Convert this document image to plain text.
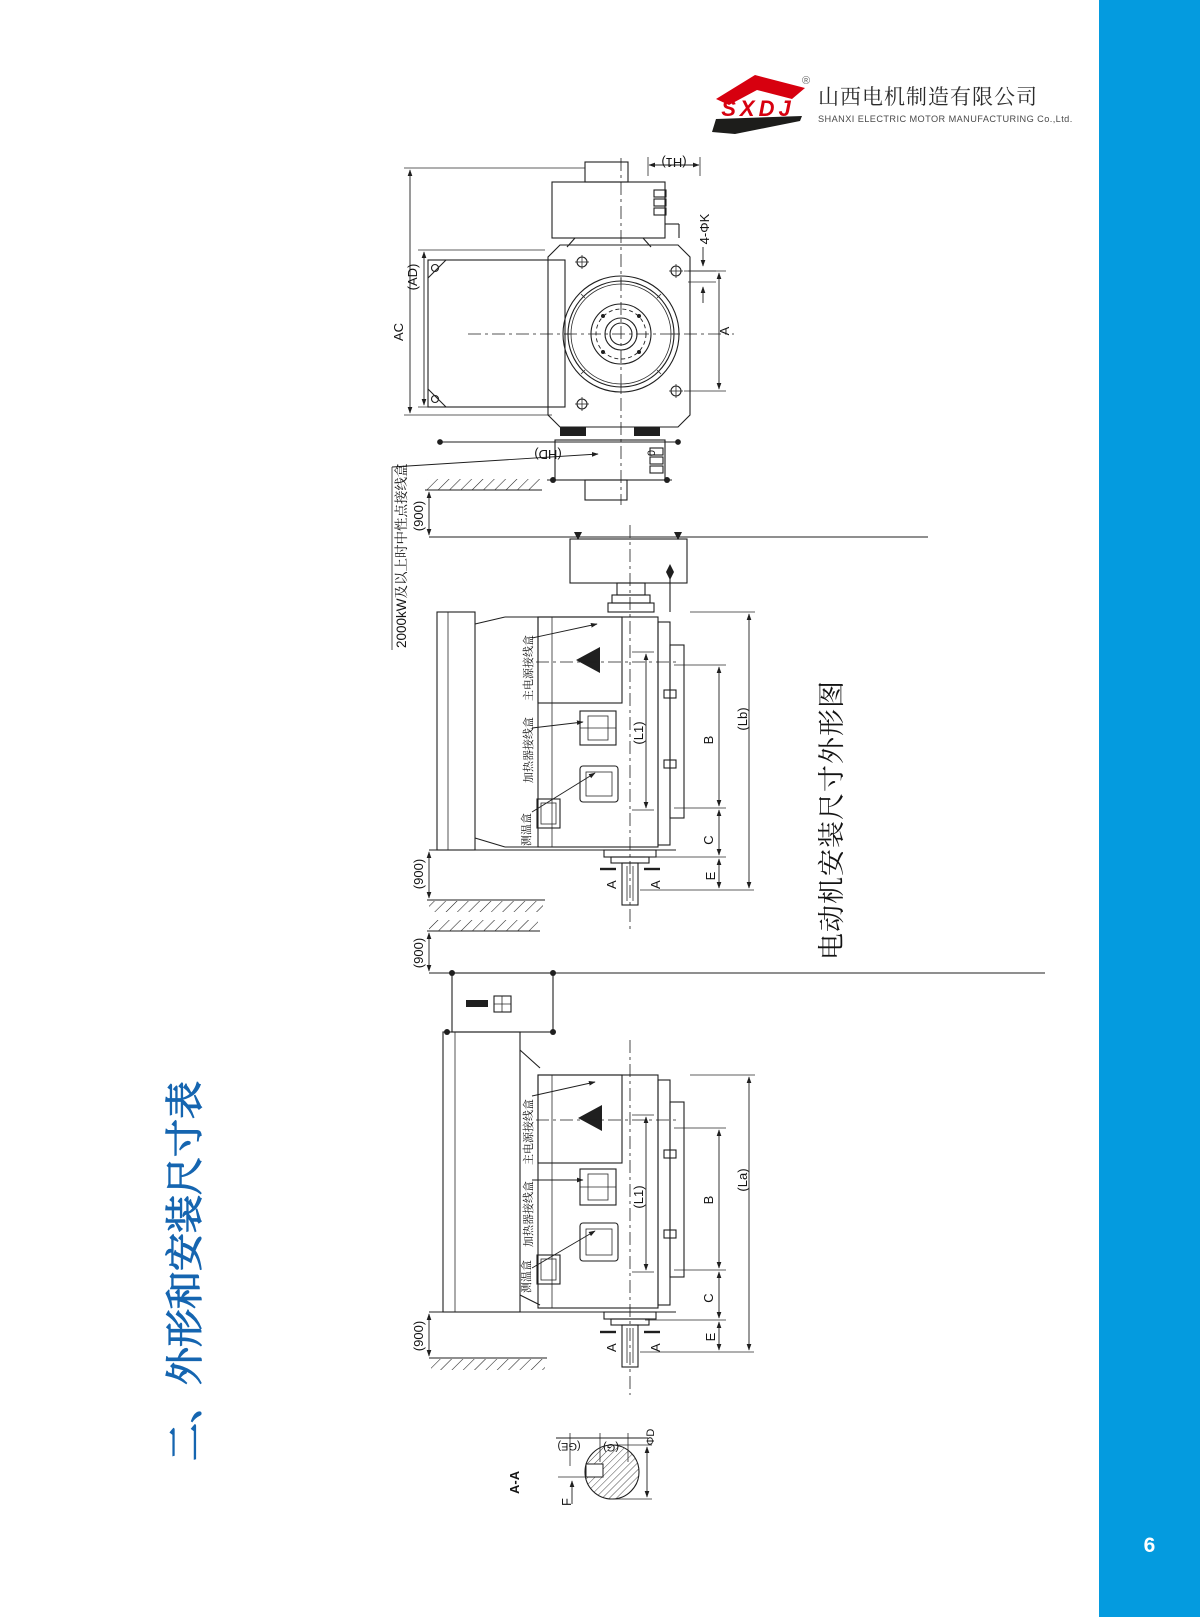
6
山西电机制造有限公司
SHANXI ELECTRIC MOTOR MANUFACTURING Co.,Ltd.
SXDJ
®
二、外形和安装尺寸表
电动机安装尺寸外形图
AC
(AD)
(HD)
(H1)
4-ΦK
A
0
2000kW及以上时中性点接线盒 (900)
主电源接线盒
加热器接线盒
测温盒
(L1)	B
C
E
(Lb)
A A
(900)
(900)
主电源接线盒
加热器接线盒
测温盒
(L1)	B
C
E
(La)
A A
(900)
A-A
(GE) (G)
ΦD
F
